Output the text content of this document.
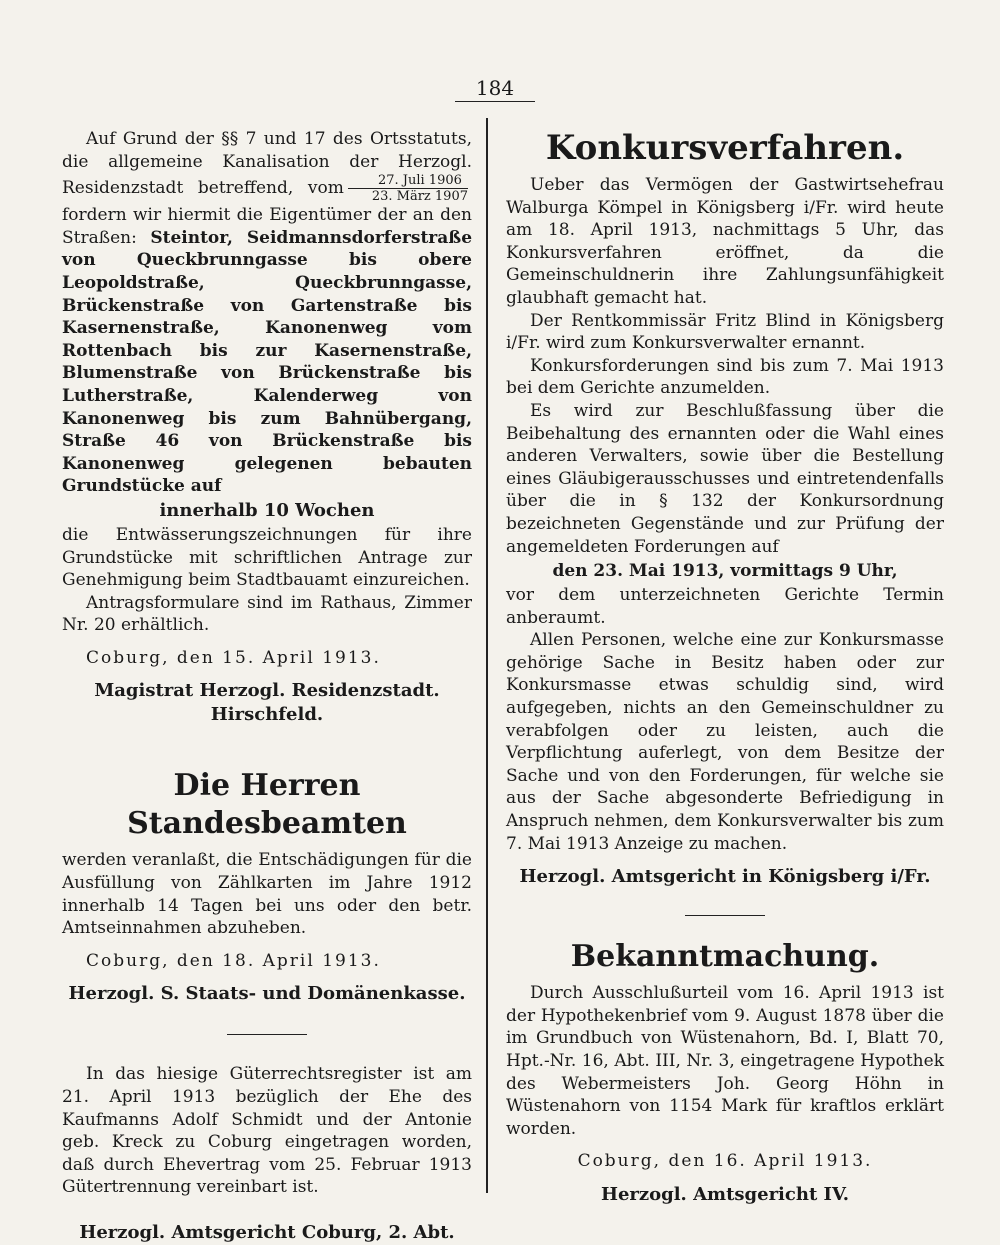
184

Auf Grund der §§ 7 und 17 des Ortsstatuts, die allgemeine Kanalisation der Herzogl. Residenzstadt betreffend, vom $\frac{\text{27. Juli 1906}}{\text{23. März 1907}}$
fordern wir hiermit die Eigentümer der an den Straßen: Steintor, Seidmannsdorferstraße von Queckbrunngasse bis obere Leopoldstraße, Queckbrunngasse, Brückenstraße von Gartenstraße bis Kasernenstraße, Kanonenweg vom Rottenbach bis zur Kasernenstraße, Blumenstraße von Brückenstraße bis Lutherstraße, Kalenderweg von Kanonenweg bis zum Bahnübergang, Straße 46 von Brückenstraße bis Kanonenweg gelegenen bebauten Grundstücke auf

innerhalb 10 Wochen

die Entwässerungszeichnungen für ihre Grundstücke mit schriftlichen Antrage zur Genehmigung beim Stadtbauamt einzureichen.

Antragsformulare sind im Rathaus, Zimmer Nr. 20 erhältlich.

Coburg, den 15. April 1913.

Magistrat Herzogl. Residenzstadt.

Hirschfeld.

Die Herren Standesbeamten

werden veranlaßt, die Entschädigungen für die Ausfüllung von Zählkarten im Jahre 1912 innerhalb 14 Tagen bei uns oder den betr. Amtseinnahmen abzuheben.

Coburg, den 18. April 1913.

Herzogl. S. Staats- und Domänenkasse.

In das hiesige Güterrechtsregister ist am 21. April 1913 bezüglich der Ehe des Kaufmanns Adolf Schmidt und der Antonie geb. Kreck zu Coburg eingetragen worden, daß durch Ehevertrag vom 25. Februar 1913 Gütertrennung vereinbart ist.

Herzogl. Amtsgericht Coburg, 2. Abt.

Konkursverfahren.

Ueber das Vermögen der Gastwirtsehefrau Walburga Kömpel in Königsberg i/Fr. wird heute am 18. April 1913, nachmittags 5 Uhr, das Konkursverfahren eröffnet, da die Gemeinschuldnerin ihre Zahlungsunfähigkeit glaubhaft gemacht hat.

Der Rentkommissär Fritz Blind in Königsberg i/Fr. wird zum Konkursverwalter ernannt.

Konkursforderungen sind bis zum 7. Mai 1913 bei dem Gerichte anzumelden.

Es wird zur Beschlußfassung über die Beibehaltung des ernannten oder die Wahl eines anderen Verwalters, sowie über die Bestellung eines Gläubigerausschusses und eintretendenfalls über die in § 132 der Konkursordnung bezeichneten Gegenstände und zur Prüfung der angemeldeten Forderungen auf

den 23. Mai 1913, vormittags 9 Uhr,

vor dem unterzeichneten Gerichte Termin anberaumt.

Allen Personen, welche eine zur Konkursmasse gehörige Sache in Besitz haben oder zur Konkursmasse etwas schuldig sind, wird aufgegeben, nichts an den Gemeinschuldner zu verabfolgen oder zu leisten, auch die Verpflichtung auferlegt, von dem Besitze der Sache und von den Forderungen, für welche sie aus der Sache abgesonderte Befriedigung in Anspruch nehmen, dem Konkursverwalter bis zum 7. Mai 1913 Anzeige zu machen.

Herzogl. Amtsgericht in Königsberg i/Fr.

Bekanntmachung.

Durch Ausschlußurteil vom 16. April 1913 ist der Hypothekenbrief vom 9. August 1878 über die im Grundbuch von Wüstenahorn, Bd. I, Blatt 70, Hpt.-Nr. 16, Abt. III, Nr. 3, eingetragene Hypothek des Webermeisters Joh. Georg Höhn in Wüstenahorn von 1154 Mark für kraftlos erklärt worden.

Coburg, den 16. April 1913.

Herzogl. Amtsgericht IV.
